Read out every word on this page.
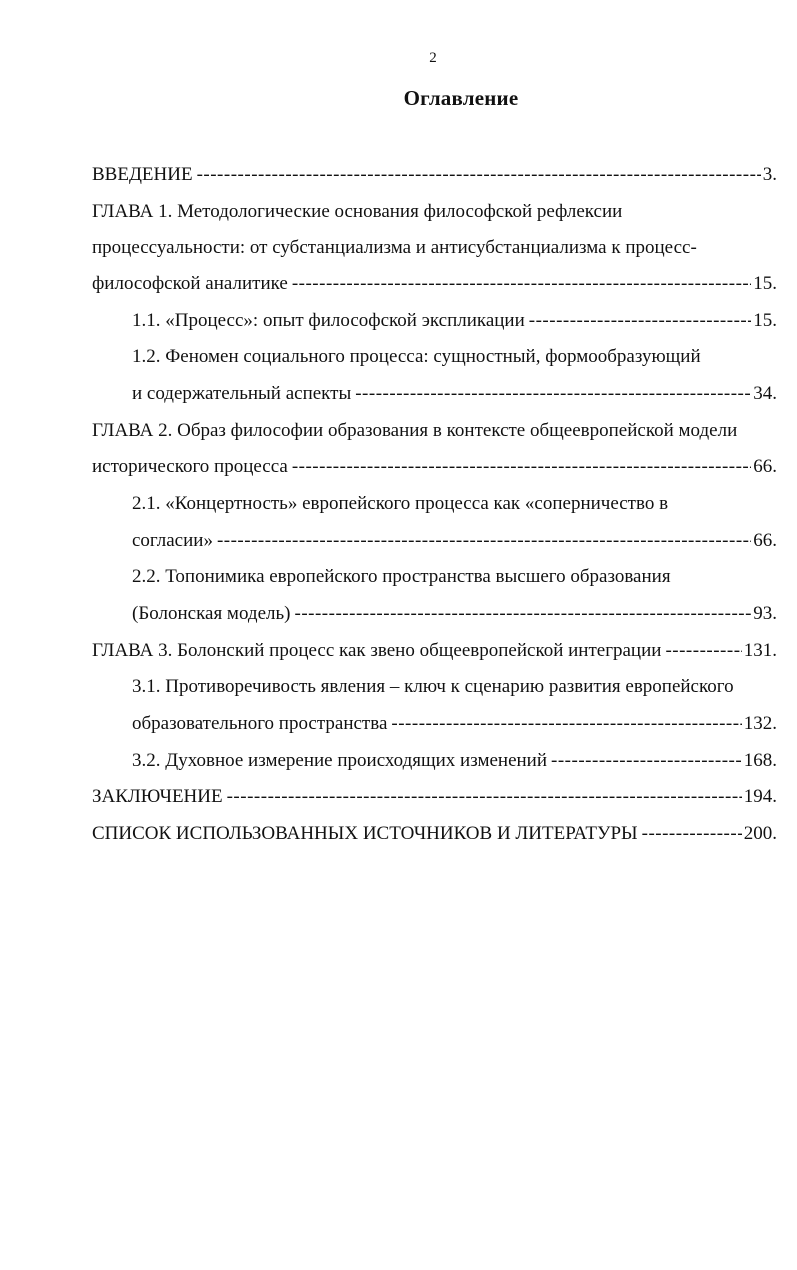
2
Оглавление
ВВЕДЕНИЕ -----	3.
ГЛАВА 1. Методологические основания философской рефлексии
процессуальности: от субстанциализма и антисубстанциализма к процесс-
философской аналитике -----	15.
1.1. «Процесс»: опыт философской экспликации -----	15.
1.2. Феномен социального процесса: сущностный, формообразующий
и содержательный аспекты -----	34.
ГЛАВА 2. Образ философии образования в контексте общеевропейской модели
исторического процесса -----	66.
2.1. «Концертность» европейского процесса как «соперничество в
согласии» -----	66.
2.2. Топонимика европейского пространства высшего образования
(Болонская модель) -----	93.
ГЛАВА 3. Болонский процесс как звено общеевропейской интеграции -----	131.
3.1. Противоречивость явления – ключ к сценарию развития европейского
образовательного пространства -----	132.
3.2. Духовное измерение происходящих изменений -----	168.
ЗАКЛЮЧЕНИЕ -----	194.
СПИСОК ИСПОЛЬЗОВАННЫХ ИСТОЧНИКОВ И ЛИТЕРАТУРЫ -----	200.
